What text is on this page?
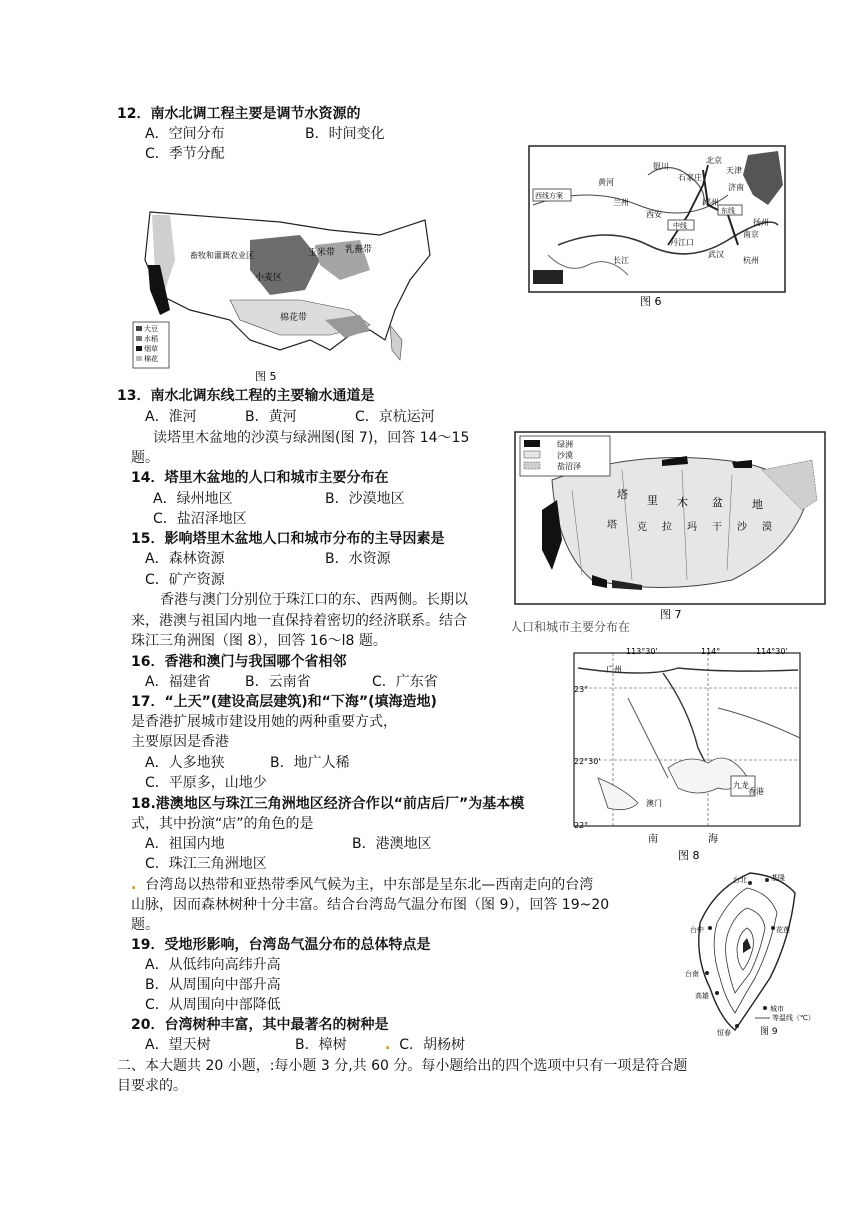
12．南水北调工程主要是调节水资源的
A．空间分布	B．时间变化
C．季节分配
西线方案
东线
中线
北京
天津
石家庄
银川
济南
郑州
西安
丹江口
武汉
南京
扬州
杭州
兰州
黄河
长江
图 6
畜牧和灌溉农业区	玉米带 乳畜带
小麦区
棉花带
大豆
水稻
烟草
棉花
图 5
13．南水北调东线工程的主要输水通道是
A．淮河	B．黄河	C．京杭运河
读塔里木盆地的沙漠与绿洲图(图 7)，回答 14～15
题。
绿洲
沙漠
盐沼泽
塔 里 木 盆	地
塔 克 拉 玛 干 沙 漠
图 7
人口和城市主要分布在
14．塔里木盆地的人口和城市主要分布在
A．绿州地区	B．沙漠地区
C．盐沼泽地区
15．影响塔里木盆地人口和城市分布的主导因素是
A．森林资源	B．水资源
C．矿产资源
香港与澳门分别位于珠江口的东、西两侧。长期以
来，港澳与祖国内地一直保持着密切的经济联系。结合
珠江三角洲图（图 8），回答 16～l8 题。
113°30'	114°	114°30'
23°
22°30'
22°
广州
澳门
九龙
香港
南	海
图 8
16．香港和澳门与我国哪个省相邻
A．福建省 B．云南省	C．广东省
17．“上天”(建设高层建筑)和“下海”(填海造地)
是香港扩展城市建设用她的两种重要方式，
主要原因是香港
A．人多地狭	B．地广人稀
C．平原多，山地少
18.港澳地区与珠江三角洲地区经济合作以“前店后厂”为基本模
式，其中扮演“店”的角色的是
A．祖国内地	B．港澳地区
C．珠江三角洲地区
. 台湾岛以热带和亚热带季风气候为主，中东部是呈东北—西南走向的台湾
山脉，因而森林树种十分丰富。结合台湾岛气温分布图（图 9），回答 19~20
题。
基隆
台北
花莲
台中
台南
高雄
恒春
城市
等温线（℃）
图 9
19．受地形影响，台湾岛气温分布的总体特点是
A．从低纬向高纬升高
B．从周围向中部升高
C．从周围向中部降低
20．台湾树种丰富，其中最著名的树种是
A．望天树	B．樟树	. C．胡杨树
二、本大题共 20 小题，:每小题 3 分,共 60 分。每小题给出的四个选项中只有一项是符合题
目要求的。
